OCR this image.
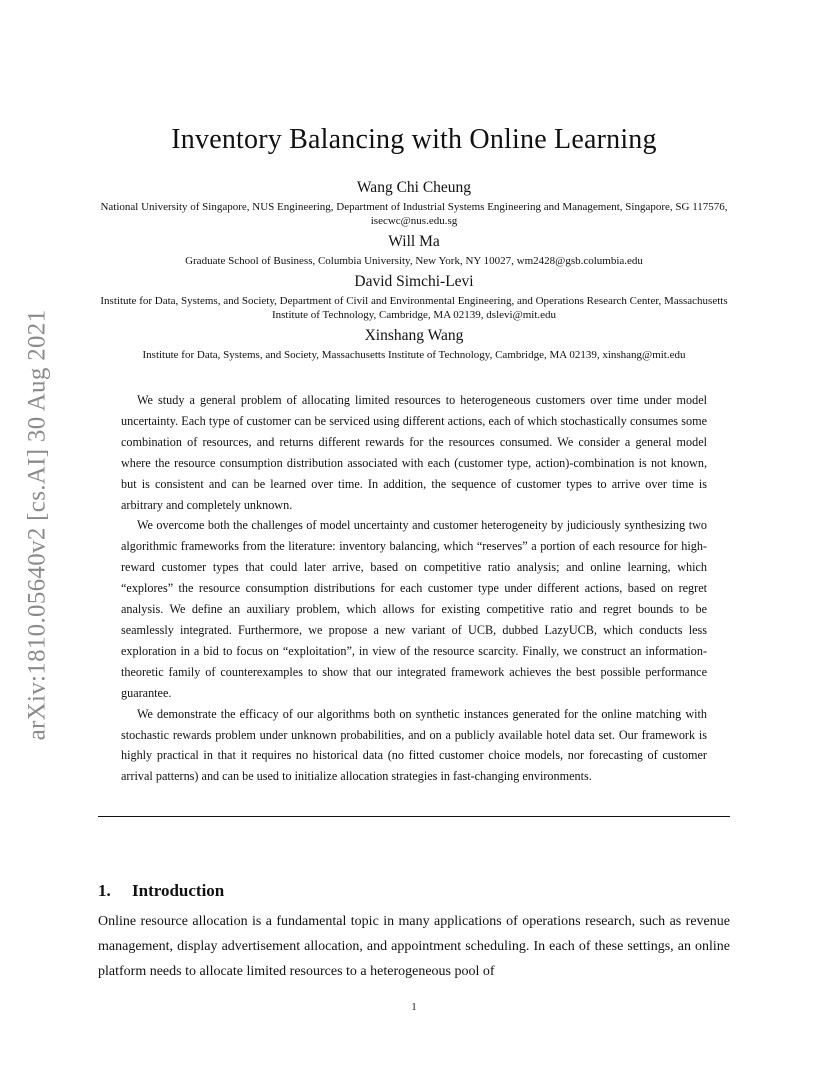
arXiv:1810.05640v2 [cs.AI] 30 Aug 2021
Inventory Balancing with Online Learning
Wang Chi Cheung
National University of Singapore, NUS Engineering, Department of Industrial Systems Engineering and Management, Singapore, SG 117576, isecwc@nus.edu.sg
Will Ma
Graduate School of Business, Columbia University, New York, NY 10027, wm2428@gsb.columbia.edu
David Simchi-Levi
Institute for Data, Systems, and Society, Department of Civil and Environmental Engineering, and Operations Research Center, Massachusetts Institute of Technology, Cambridge, MA 02139, dslevi@mit.edu
Xinshang Wang
Institute for Data, Systems, and Society, Massachusetts Institute of Technology, Cambridge, MA 02139, xinshang@mit.edu

We study a general problem of allocating limited resources to heterogeneous customers over time under model uncertainty. Each type of customer can be serviced using different actions, each of which stochastically consumes some combination of resources, and returns different rewards for the resources consumed. We consider a general model where the resource consumption distribution associated with each (customer type, action)-combination is not known, but is consistent and can be learned over time. In addition, the sequence of customer types to arrive over time is arbitrary and completely unknown.

We overcome both the challenges of model uncertainty and customer heterogeneity by judiciously synthesizing two algorithmic frameworks from the literature: inventory balancing, which “reserves” a portion of each resource for high-reward customer types that could later arrive, based on competitive ratio analysis; and online learning, which “explores” the resource consumption distributions for each customer type under different actions, based on regret analysis. We define an auxiliary problem, which allows for existing competitive ratio and regret bounds to be seamlessly integrated. Furthermore, we propose a new variant of UCB, dubbed LazyUCB, which conducts less exploration in a bid to focus on “exploitation”, in view of the resource scarcity. Finally, we construct an information-theoretic family of counterexamples to show that our integrated framework achieves the best possible performance guarantee.

We demonstrate the efficacy of our algorithms both on synthetic instances generated for the online matching with stochastic rewards problem under unknown probabilities, and on a publicly available hotel data set. Our framework is highly practical in that it requires no historical data (no fitted customer choice models, nor forecasting of customer arrival patterns) and can be used to initialize allocation strategies in fast-changing environments.

1. Introduction

Online resource allocation is a fundamental topic in many applications of operations research, such as revenue management, display advertisement allocation, and appointment scheduling. In each of these settings, an online platform needs to allocate limited resources to a heterogeneous pool of

1
